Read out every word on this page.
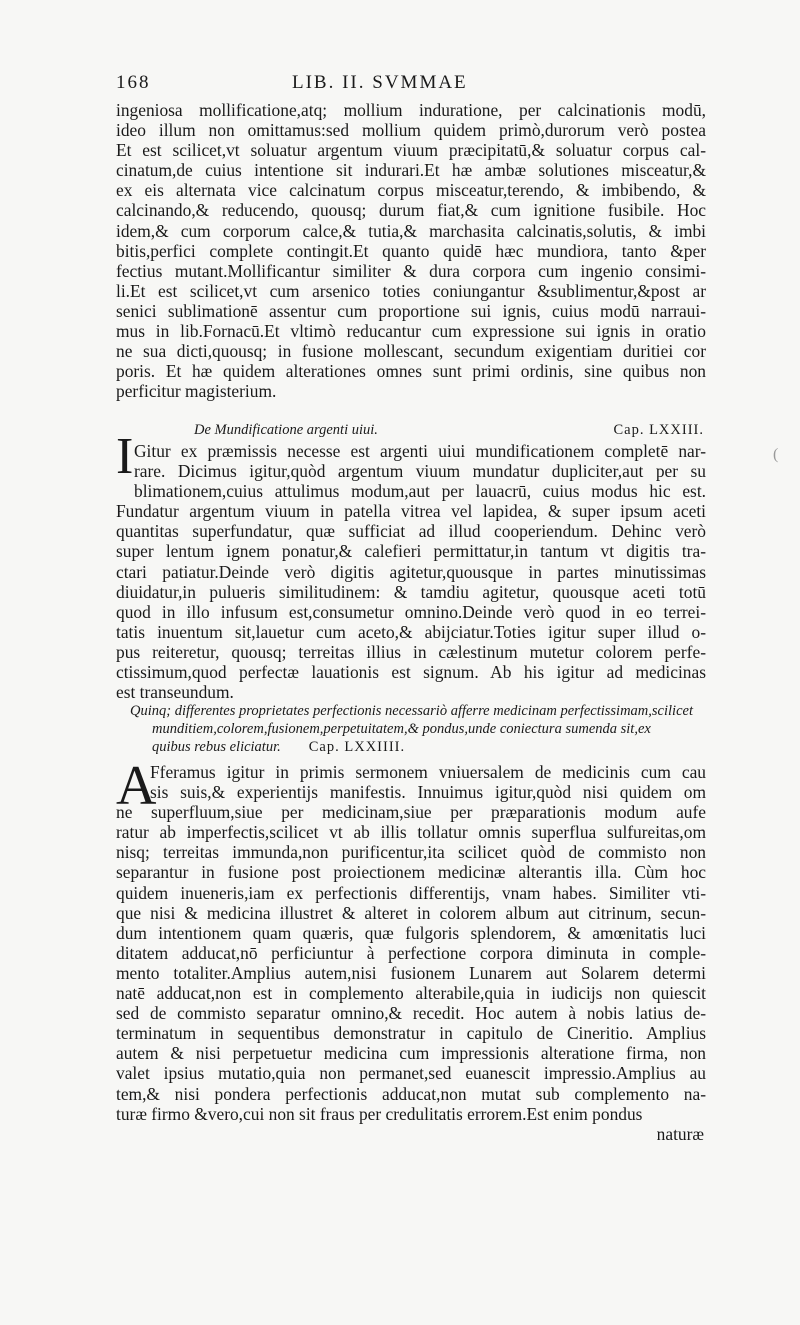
168	LIB. II. SVMMAE
ingeniosa mollificatione,atq; mollium induratione, per calcinationis modū,
ideo illum non omittamus:sed mollium quidem primò,durorum verò postea
Et est scilicet,vt soluatur argentum viuum præcipitatū,& soluatur corpus cal-
cinatum,de cuius intentione sit indurari.Et hæ ambæ solutiones misceatur,&
ex eis alternata vice calcinatum corpus misceatur,terendo, & imbibendo, &
calcinando,& reducendo, quousq; durum fiat,& cum ignitione fusibile. Hoc
idem,& cum corporum calce,& tutia,& marchasita calcinatis,solutis, & imbi
bitis,perfici complete contingit.Et quanto quidē hæc mundiora, tanto &per
fectius mutant.Mollificantur similiter & dura corpora cum ingenio consimi-
li.Et est scilicet,vt cum arsenico toties coniungantur &sublimentur,&post ar
senici sublimationē assentur cum proportione sui ignis, cuius modū narraui-
mus in lib.Fornacū.Et vltimò reducantur cum expressione sui ignis in oratio
ne sua dicti,quousq; in fusione mollescant, secundum exigentiam duritiei cor
poris. Et hæ quidem alterationes omnes sunt primi ordinis, sine quibus non
perficitur magisterium.
De Mundificatione argenti uiui.	Cap. LXXIII.
I Gitur ex præmissis necesse est argenti uiui mundificationem completē nar-
rare. Dicimus igitur,quòd argentum viuum mundatur dupliciter,aut per su
blimationem,cuius attulimus modum,aut per lauacrū, cuius modus hic est.
Fundatur argentum viuum in patella vitrea vel lapidea, & super ipsum aceti
quantitas superfundatur, quæ sufficiat ad illud cooperiendum. Dehinc verò
super lentum ignem ponatur,& calefieri permittatur,in tantum vt digitis tra-
ctari patiatur.Deinde verò digitis agitetur,quousque in partes minutissimas
diuidatur,in pulueris similitudinem: & tamdiu agitetur, quousque aceti totū
quod in illo infusum est,consumetur omnino.Deinde verò quod in eo terrei-
tatis inuentum sit,lauetur cum aceto,& abijciatur.Toties igitur super illud o-
pus reiteretur, quousq; terreitas illius in cælestinum mutetur colorem perfe-
ctissimum,quod perfectæ lauationis est signum. Ab his igitur ad medicinas
est transeundum.
Quinq; differentes proprietates perfectionis necessariò afferre medicinam perfectissimam,scilicet
munditiem,colorem,fusionem,perpetuitatem,& pondus,unde coniectura sumenda sit,ex
quibus rebus eliciatur. Cap. LXXIIII.
A
Fferamus igitur in primis sermonem vniuersalem de medicinis cum cau
sis suis,& experientijs manifestis. Innuimus igitur,quòd nisi quidem om
ne superfluum,siue per medicinam,siue per præparationis modum aufe
ratur ab imperfectis,scilicet vt ab illis tollatur omnis superflua sulfureitas,om
nisq; terreitas immunda,non purificentur,ita scilicet quòd de commisto non
separantur in fusione post proiectionem medicinæ alterantis illa. Cùm hoc
quidem inueneris,iam ex perfectionis differentijs, vnam habes. Similiter vti-
que nisi & medicina illustret & alteret in colorem album aut citrinum, secun-
dum intentionem quam quæris, quæ fulgoris splendorem, & amœnitatis luci
ditatem adducat,nō perficiuntur à perfectione corpora diminuta in comple-
mento totaliter.Amplius autem,nisi fusionem Lunarem aut Solarem determi
natē adducat,non est in complemento alterabile,quia in iudicijs non quiescit
sed de commisto separatur omnino,& recedit. Hoc autem à nobis latius de-
terminatum in sequentibus demonstratur in capitulo de Cineritio. Amplius
autem & nisi perpetuetur medicina cum impressionis alteratione firma, non
valet ipsius mutatio,quia non permanet,sed euanescit impressio.Amplius au
tem,& nisi pondera perfectionis adducat,non mutat sub complemento na-
turæ firmo &vero,cui non sit fraus per credulitatis errorem.Est enim pondus
naturæ
(
